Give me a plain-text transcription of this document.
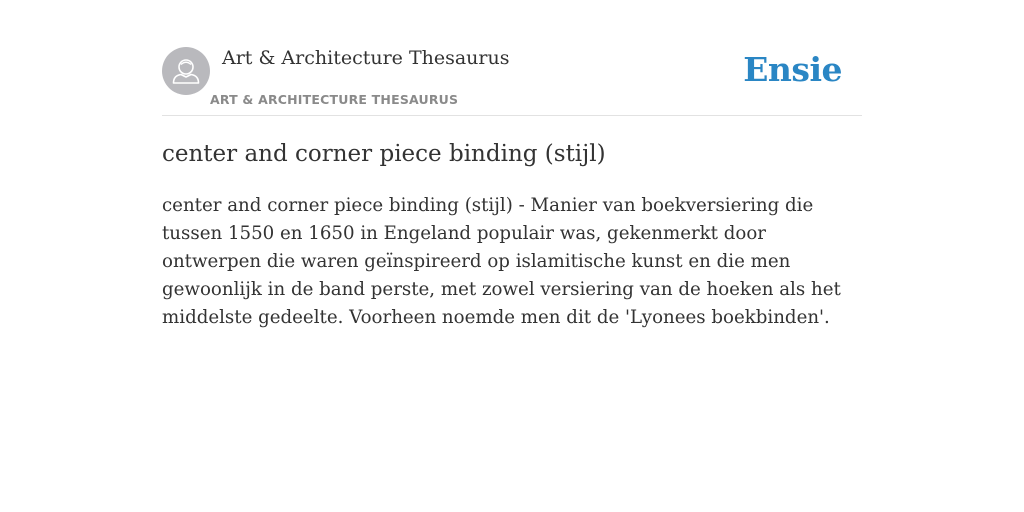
Art & Architecture Thesaurus
ART & ARCHITECTURE THESAURUS
Ensie
center and corner piece binding (stijl)

center and corner piece binding (stijl) - Manier van boekversiering die tussen 1550 en 1650 in Engeland populair was, gekenmerkt door ontwerpen die waren geïnspireerd op islamitische kunst en die men gewoonlijk in de band perste, met zowel versiering van de hoeken als het middelste gedeelte. Voorheen noemde men dit de 'Lyonees boekbinden'.
